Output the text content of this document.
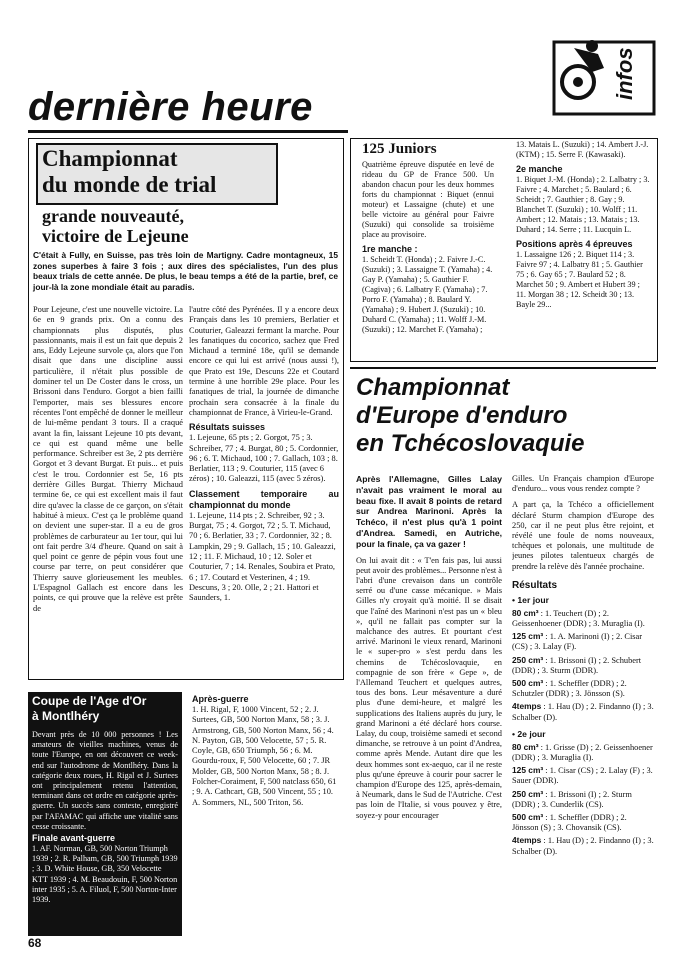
dernière heure
infos
Championnat
du monde de trial
grande nouveauté,
victoire de Lejeune
C'était à Fully, en Suisse, pas très loin de Martigny. Cadre montagneux, 15 zones superbes à faire 3 fois ; aux dires des spécialistes, l'un des plus beaux trials de cette année. De plus, le beau temps a été de la partie, bref, ce jour-là la zone mondiale était au paradis.

Pour Lejeune, c'est une nouvelle victoire. La 6e en 9 grands prix. On a connu des championnats plus disputés, plus passionnants, mais il est un fait que depuis 2 ans, Eddy Lejeune survole ça, alors que l'on disait que dans une discipline aussi particulière, il n'était plus possible de dominer tel un De Coster dans le cross, un Brissoni dans l'enduro. Gorgot a bien failli l'emporter, mais ses blessures encore récentes l'ont empêché de donner le meilleur de lui-même pendant 3 tours. Il a craqué avant la fin, laissant Lejeune 10 pts devant, ce qui est quand même une belle performance. Schreiber est 3e, 2 pts derrière Gorgot et 3 devant Burgat. Et puis... et puis c'est le trou. Cordonnier est 5e, 16 pts derrière Gilles Burgat. Thierry Michaud termine 6e, ce qui est excellent mais il faut dire qu'avec la classe de ce garçon, on s'était habitué à mieux. C'est ça le problème quand on devient une super-star. Il a eu de gros problèmes de carburateur au 1er tour, qui lui ont fait perdre 3/4 d'heure. Quand on sait à quel point ce genre de pépin vous fout une course par terre, on peut considérer que Thierry sauve glorieusement les meubles. L'Espagnol Gallach est encore dans les points, ce qui prouve que la relève est prête de

l'autre côté des Pyrénées. Il y a encore deux Français dans les 10 premiers, Berlatier et Couturier, Galeazzi fermant la marche. Pour les fanatiques du cocorico, sachez que Fred Michaud a terminé 18e, qu'il se demande encore ce qui lui est arrivé (nous aussi !), que Prato est 19e, Descuns 22e et Coutard termine à une horrible 29e place. Pour les fanatiques de trial, la journée de dimanche prochain sera consacrée à la finale du championnat de France, à Virieu-le-Grand.

Résultats suisses

1. Lejeune, 65 pts ; 2. Gorgot, 75 ; 3. Schreiber, 77 ; 4. Burgat, 80 ; 5. Cordonnier, 96 ; 6. T. Michaud, 100 ; 7. Gallach, 103 ; 8. Berlatier, 113 ; 9. Couturier, 115 (avec 6 zéros) ; 10. Galeazzi, 115 (avec 5 zéros).

Classement temporaire au championnat du monde

1. Lejeune, 114 pts ; 2. Schreiber, 92 ; 3. Burgat, 75 ; 4. Gorgot, 72 ; 5. T. Michaud, 70 ; 6. Berlatier, 33 ; 7. Cordonnier, 32 ; 8. Lampkin, 29 ; 9. Gallach, 15 ; 10. Galeazzi, 12 ; 11. F. Michaud, 10 ; 12. Soler et Couturier, 7 ; 14. Renales, Soubira et Prato, 6 ; 17. Coutard et Vesterinen, 4 ; 19. Descuns, 3 ; 20. Olle, 2 ; 21. Hattori et Saunders, 1.

Coupe de l'Age d'Or
à Montlhéry

Devant près de 10 000 personnes ! Les amateurs de vieilles machines, venus de toute l'Europe, en ont découvert ce week-end sur l'autodrome de Montlhéry. Dans la catégorie deux roues, H. Rigal et J. Surtees ont principalement retenu l'attention, terminant dans cet ordre en catégorie après-guerre. Un succès sans conteste, enregistré par l'AFAMAC qui affiche une vitalité sans cesse croissante.

Finale avant-guerre

1. AF. Norman, GB, 500 Norton Triumph 1939 ; 2. R. Palham, GB, 500 Triumph 1939 ; 3. D. White House, GB, 350 Velocette KTT 1939 ; 4. M. Beaudouin, F, 500 Norton inter 1935 ; 5. A. Filuol, F, 500 Norton-Inter 1939.

Après-guerre

1. H. Rigal, F, 1000 Vincent, 52 ; 2. J. Surtees, GB, 500 Norton Manx, 58 ; 3. J. Armstrong, GB, 500 Norton Manx, 56 ; 4. N. Payton, GB, 500 Velocette, 57 ; 5. R. Coyle, GB, 650 Triumph, 56 ; 6. M. Gourdu-roux, F, 500 Velocette, 60 ; 7. JR Molder, GB, 500 Norton Manx, 58 ; 8. J. Folcher-Coraiment, F, 500 natclass 650, 61 ; 9. A. Cathcart, GB, 500 Vincent, 55 ; 10. A. Sommers, NL, 500 Triton, 56.

68
125 Juniors

Quatrième épreuve disputée en levé de rideau du GP de France 500. Un abandon chacun pour les deux hommes forts du championnat : Biquet (ennui moteur) et Lassaigne (chute) et une belle victoire au général pour Faivre (Suzuki) qui consolide sa troisième place au provisoire.

1re manche :

1. Scheidt T. (Honda) ; 2. Faivre J.-C. (Suzuki) ; 3. Lassaigne T. (Yamaha) ; 4. Gay P. (Yamaha) ; 5. Gauthier F. (Cagiva) ; 6. Lalbatry F. (Yamaha) ; 7. Porro F. (Yamaha) ; 8. Baulard Y. (Yamaha) ; 9. Hubert J. (Suzuki) ; 10. Duhard C. (Yamaha) ; 11. Wolff J.-M. (Suzuki) ; 12. Marchet F. (Yamaha) ;

13. Matais L. (Suzuki) ; 14. Ambert J.-J. (KTM) ; 15. Serre F. (Kawasaki).

2e manche

1. Biquet J.-M. (Honda) ; 2. Lalbatry ; 3. Faivre ; 4. Marchet ; 5. Baulard ; 6. Scheidt ; 7. Gauthier ; 8. Gay ; 9. Blanchet T. (Suzuki) ; 10. Wolff ; 11. Ambert ; 12. Matais ; 13. Matais ; 13. Duhard ; 14. Serre ; 11. Lucquin L.

Positions après 4 épreuves

1. Lassaigne 126 ; 2. Biquet 114 ; 3. Faivre 97 ; 4. Lalbatry 81 ; 5. Gauthier 75 ; 6. Gay 65 ; 7. Baulard 52 ; 8. Marchet 50 ; 9. Ambert et Hubert 39 ; 11. Morgan 38 ; 12. Scheidt 30 ; 13. Bayle 29...

Championnat
d'Europe d'enduro
en Tchécoslovaquie

Après l'Allemagne, Gilles Lalay n'avait pas vraiment le moral au beau fixe. Il avait 8 points de retard sur Andrea Marinoni. Après la Tchéco, il n'est plus qu'à 1 point d'Andrea. Samedi, en Autriche, pour la finale, ça va gazer !

On lui avait dit : « T'en fais pas, lui aussi peut avoir des problèmes... Personne n'est à l'abri d'une crevaison dans un contrôle serré ou d'une casse mécanique. » Mais Gilles n'y croyait qu'à moitié. Il se disait que l'aîné des Marinoni n'est pas un « bleu », qu'il ne fallait pas compter sur la malchance des autres. Et pourtant c'est arrivé. Marinoni le vieux renard, Marinoni le « super-pro » s'est perdu dans les chemins de Tchécoslovaquie, en compagnie de son frère « Gepe », de l'Allemand Teuchert et quelques autres, tous des bons. Leur mésaventure a duré plus d'une demi-heure, et malgré les supplications des Italiens auprès du jury, le grand Marinoni a été déclaré hors course. Lalay, du coup, troisième samedi et second dimanche, se retrouve à un point d'Andrea, comme après Mende. Autant dire que les deux hommes sont ex-aequo, car il ne reste plus qu'une épreuve à courir pour sacrer le champion d'Europe des 125, après-demain, à Neumark, dans le Sud de l'Autriche. C'est pas loin de l'Italie, si vous pouvez y être, soyez-y pour encourager

Gilles. Un Français champion d'Europe d'enduro... vous vous rendez compte ?

A part ça, la Tchéco a officiellement déclaré Sturm champion d'Europe des 250, car il ne peut plus être rejoint, et révélé une foule de noms nouveaux, tchèques et polonais, une multitude de jeunes pilotes talentueux chargés de prendre la relève dès l'année prochaine.

Résultats
• 1er jour

80 cm³ : 1. Teuchert (D) ; 2. Geissenhoener (DDR) ; 3. Muraglia (I).

125 cm³ : 1. A. Marinoni (I) ; 2. Cisar (CS) ; 3. Lalay (F).

250 cm³ : 1. Brissoni (I) ; 2. Schubert (DDR) ; 3. Sturm (DDR).

500 cm³ : 1. Scheffler (DDR) ; 2. Schutzler (DDR) ; 3. Jönsson (S).

4temps : 1. Hau (D) ; 2. Findanno (I) ; 3. Schalber (D).

• 2e jour

80 cm³ : 1. Grisse (D) ; 2. Geissenhoener (DDR) ; 3. Muraglia (I).

125 cm³ : 1. Cisar (CS) ; 2. Lalay (F) ; 3. Sauer (DDR).

250 cm³ : 1. Brissoni (I) ; 2. Sturm (DDR) ; 3. Cunderlik (CS).

500 cm³ : 1. Scheffler (DDR) ; 2. Jönsson (S) ; 3. Chovansik (CS).

4temps : 1. Hau (D) ; 2. Findanno (I) ; 3. Schalber (D).
